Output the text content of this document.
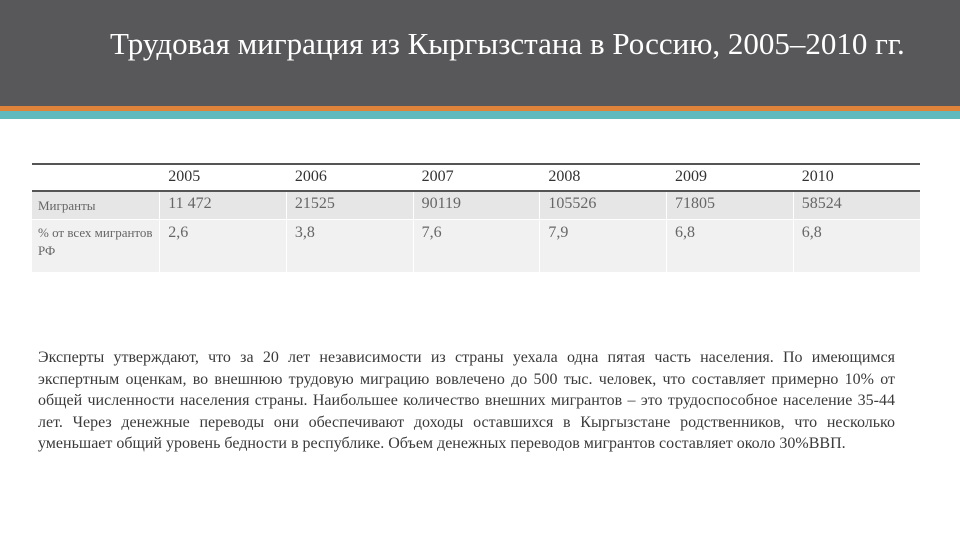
Трудовая миграция из Кыргызстана в Россию, 2005–2010 гг.
	2005	2006	2007	2008	2009	2010
Мигранты	11 472	21525	90119	105526	71805	58524
% от всех мигрантов РФ	2,6	3,8	7,6	7,9	6,8	6,8

Эксперты утверждают, что за 20 лет независимости из страны уехала одна пятая часть населения. По имеющимся экспертным оценкам, во внешнюю трудовую миграцию вовлечено до 500 тыс. человек, что составляет примерно 10% от общей численности населения страны. Наибольшее количество внешних мигрантов – это трудоспособное население 35-44 лет. Через денежные переводы они обеспечивают доходы оставшихся в Кыргызстане родственников, что несколько уменьшает общий уровень бедности в республике. Объем денежных переводов мигрантов составляет около 30%ВВП.
